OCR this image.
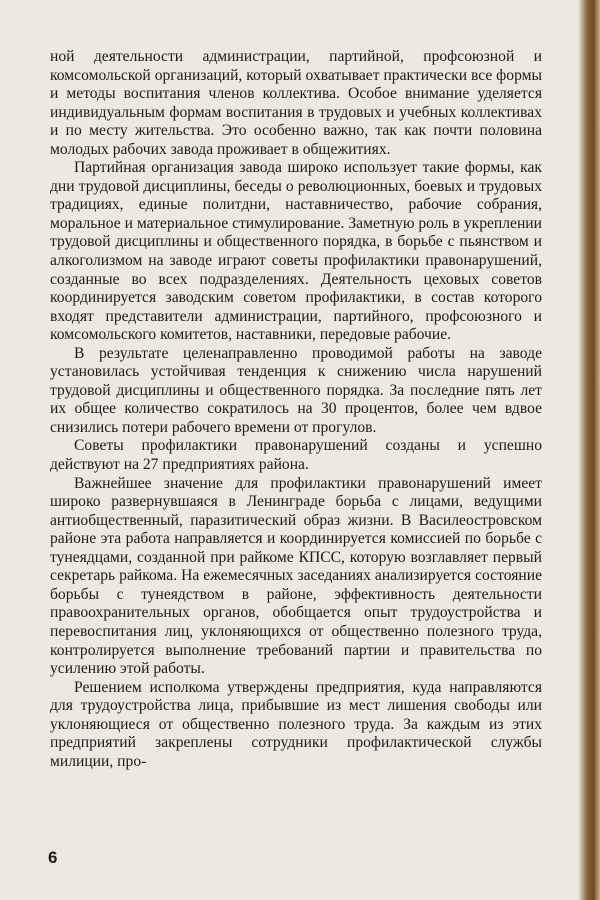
ной деятельности администрации, партийной, профсоюзной и комсомольской организаций, который охватывает практически все формы и методы воспитания членов коллектива. Особое внимание уделяется индивидуальным формам воспитания в трудовых и учебных коллективах и по месту жительства. Это особенно важно, так как почти половина молодых рабочих завода проживает в общежитиях.

Партийная организация завода широко использует такие формы, как дни трудовой дисциплины, беседы о революционных, боевых и трудовых традициях, единые политдни, наставничество, рабочие собрания, моральное и материальное стимулирование. Заметную роль в укреплении трудовой дисциплины и общественного порядка, в борьбе с пьянством и алкоголизмом на заводе играют советы профилактики правонарушений, созданные во всех подразделениях. Деятельность цеховых советов координируется заводским советом профилактики, в состав которого входят представители администрации, партийного, профсоюзного и комсомольского комитетов, наставники, передовые рабочие.

В результате целенаправленно проводимой работы на заводе установилась устойчивая тенденция к снижению числа нарушений трудовой дисциплины и общественного порядка. За последние пять лет их общее количество сократилось на 30 процентов, более чем вдвое снизились потери рабочего времени от прогулов.

Советы профилактики правонарушений созданы и успешно действуют на 27 предприятиях района.

Важнейшее значение для профилактики правонарушений имеет широко развернувшаяся в Ленинграде борьба с лицами, ведущими антиобщественный, паразитический образ жизни. В Василеостровском районе эта работа направляется и координируется комиссией по борьбе с тунеядцами, созданной при райкоме КПСС, которую возглавляет первый секретарь райкома. На ежемесячных заседаниях анализируется состояние борьбы с тунеядством в районе, эффективность деятельности правоохранительных органов, обобщается опыт трудоустройства и перевоспитания лиц, уклоняющихся от общественно полезного труда, контролируется выполнение требований партии и правительства по усилению этой работы.

Решением исполкома утверждены предприятия, куда направляются для трудоустройства лица, прибывшие из мест лишения свободы или уклоняющиеся от общественно полезного труда. За каждым из этих предприятий закреплены сотрудники профилактической службы милиции, про-

6
